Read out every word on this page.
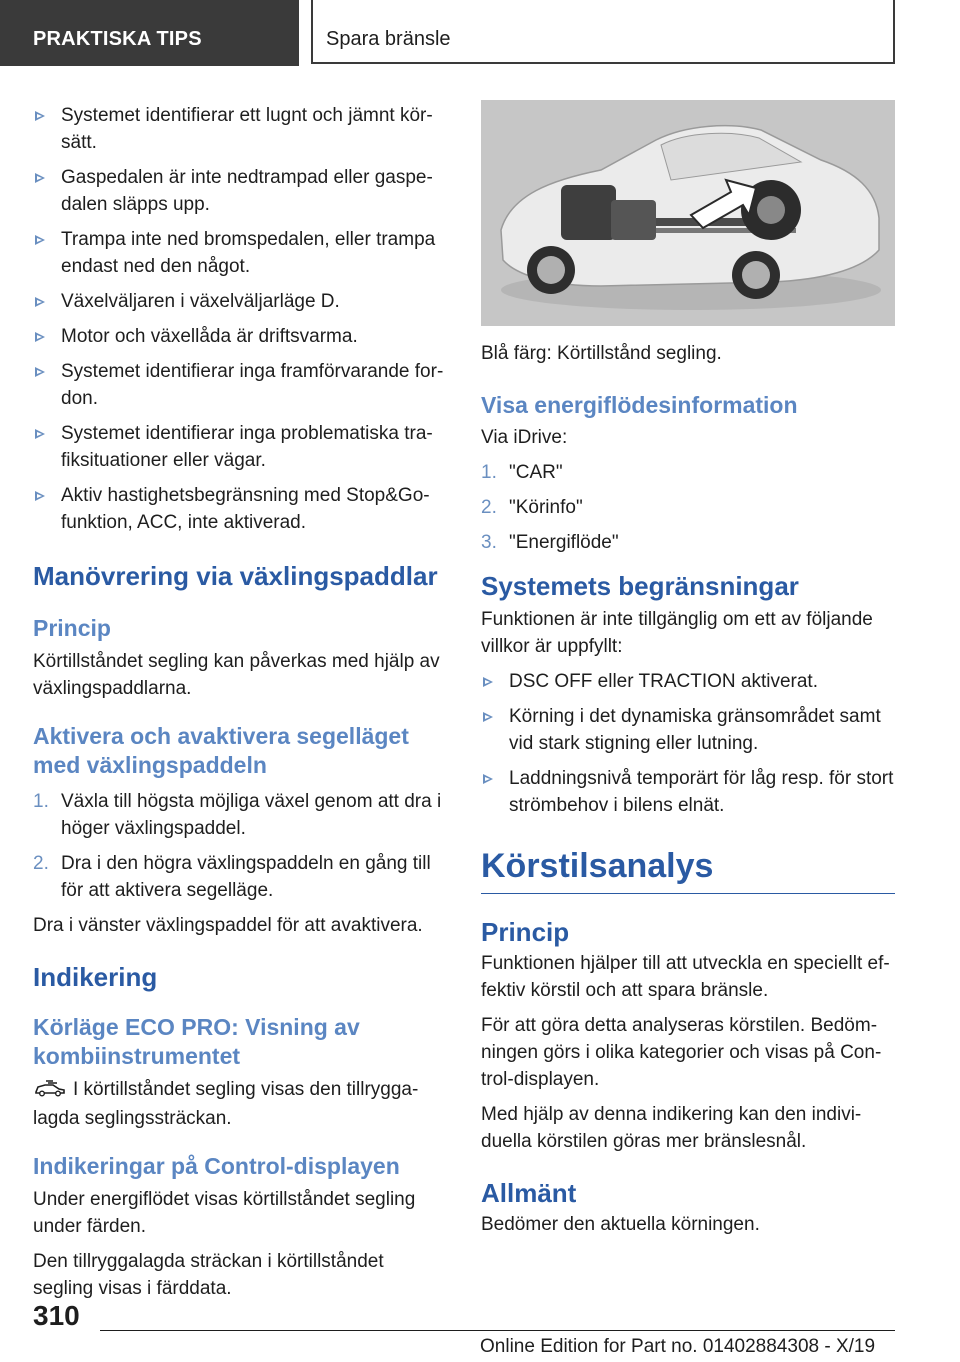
PRAKTISKA TIPS	Spara bränsle
Systemet identifierar ett lugnt och jämnt kör-
sätt.
Gaspedalen är inte nedtrampad eller gaspe-
dalen släpps upp.
Trampa inte ned bromspedalen, eller trampa
endast ned den något.
Växelväljaren i växelväljarläge D.
Motor och växellåda är driftsvarma.
Systemet identifierar inga framförvarande for-
don.
Systemet identifierar inga problematiska tra-
fiksituationer eller vägar.
Aktiv hastighetsbegränsning med Stop&Go-
funktion, ACC, inte aktiverad.
Manövrering via växlingspaddlar
Princip

Körtillståndet segling kan påverkas med hjälp av växlingspaddlarna.

Aktivera och avaktivera segelläget med växlingspaddeln
1. Växla till högsta möjliga växel genom att dra i höger växlingspaddel.
2. Dra i den högra växlingspaddeln en gång till för att aktivera segelläge.

Dra i vänster växlingspaddel för att avaktivera.

Indikering
Körläge ECO PRO: Visning av kombiinstrumentet

I körtillståndet segling visas den tillrygga-
lagda seglingssträckan.

Indikeringar på Control-displayen

Under energiflödet visas körtillståndet segling under färden.

Den tillryggalagda sträckan i körtillståndet segling visas i färddata.

Blå färg: Körtillstånd segling.

Visa energiflödesinformation

Via iDrive:

1. "CAR"
2. "Körinfo"
3. "Energiflöde"
Systemets begränsningar

Funktionen är inte tillgänglig om ett av följande villkor är uppfyllt:

DSC OFF eller TRACTION aktiverat.
Körning i det dynamiska gränsområdet samt vid stark stigning eller lutning.
Laddningsnivå temporärt för låg resp. för stort strömbehov i bilens elnät.
Körstilsanalys
Princip

Funktionen hjälper till att utveckla en speciellt ef-
fektiv körstil och att spara bränsle.

För att göra detta analyseras körstilen. Bedöm-
ningen görs i olika kategorier och visas på Con-
trol-displayen.

Med hjälp av denna indikering kan den indivi-
duella körstilen göras mer bränslesnål.

Allmänt

Bedömer den aktuella körningen.

310
Online Edition for Part no. 01402884308 - X/19
